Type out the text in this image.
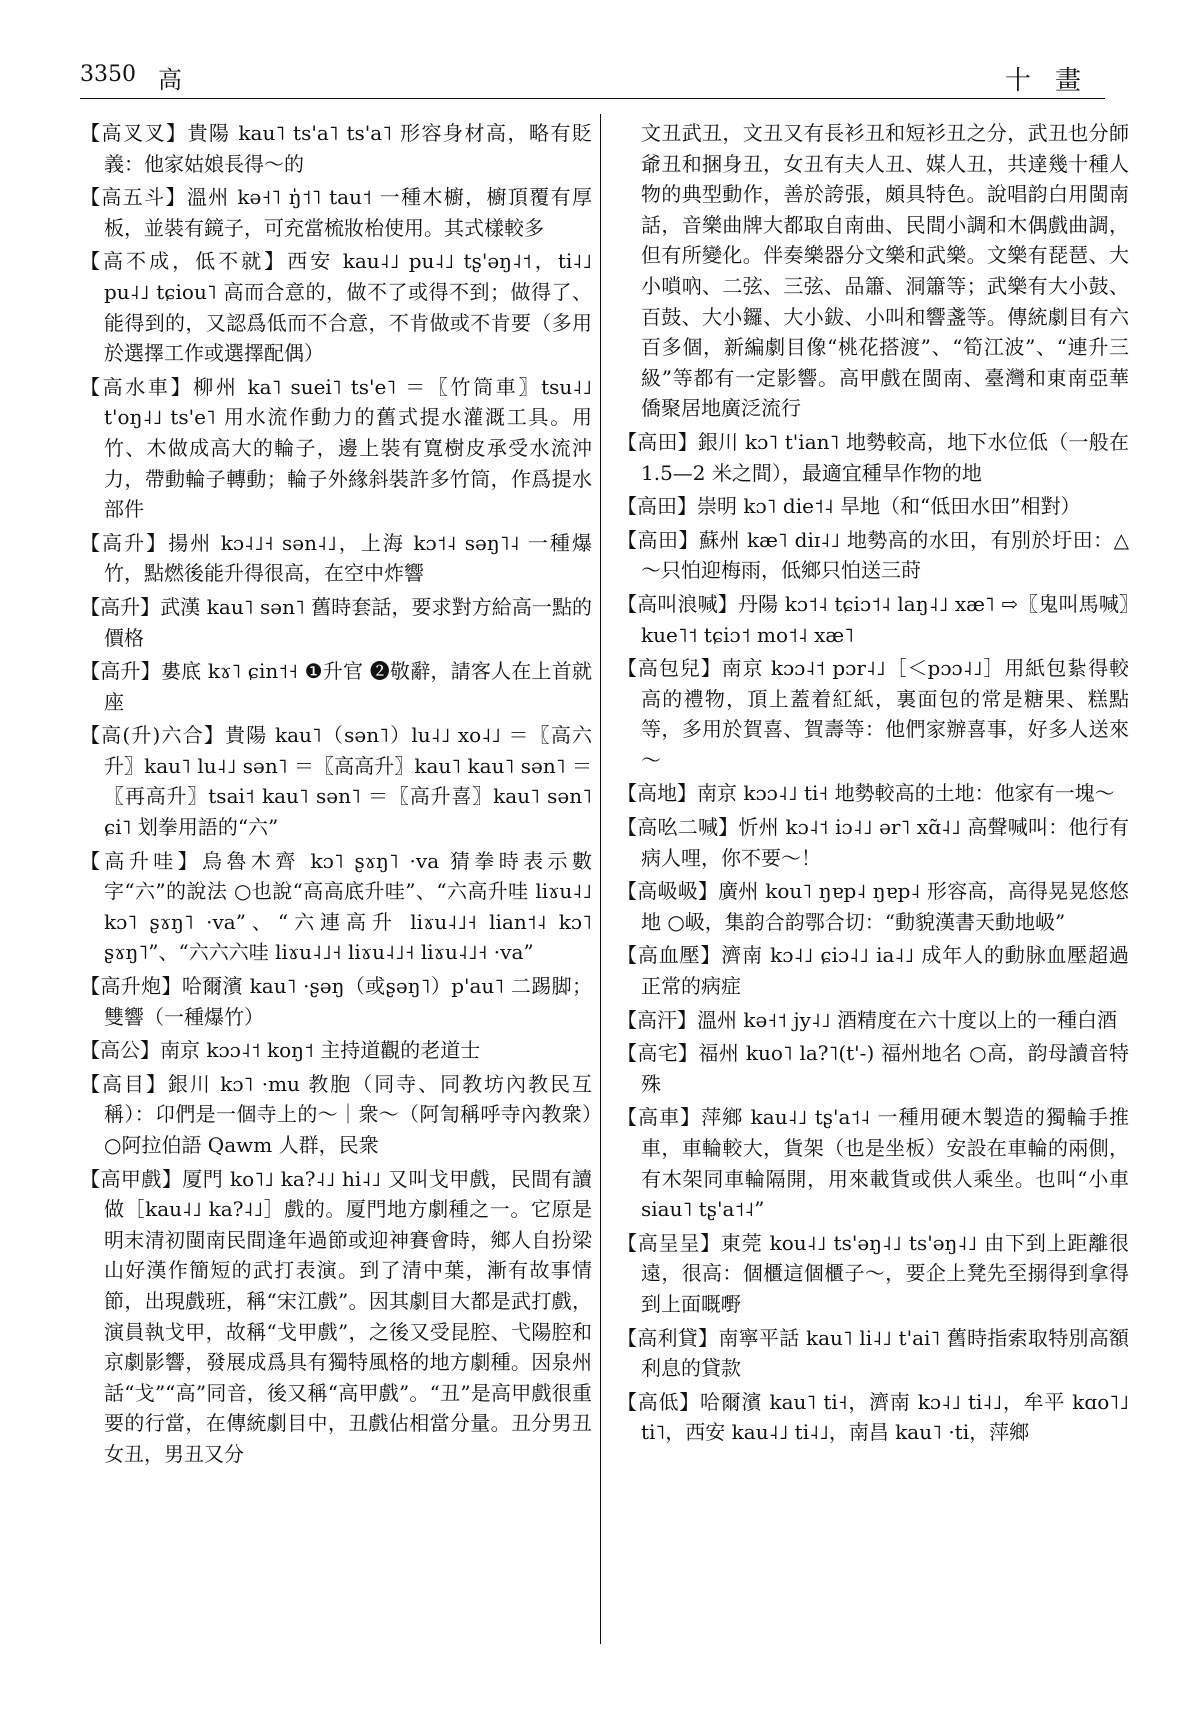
3350 高	十畫

【高叉叉】貴陽 kau˥ ts'a˥ ts'a˥ 形容身材高，略有貶義：他家姑娘長得～的

【高五斗】溫州 kə˧˥ ŋ̍˦˥ tau˦ 一種木櫥，櫥頂覆有厚板，並裝有鏡子，可充當梳妝枱使用。其式樣較多

【高不成，低不就】西安 kau˨˩ pu˨˩ tʂ'əŋ˨˦，ti˨˩ pu˨˩ tɕiou˥ 高而合意的，做不了或得不到；做得了、能得到的，又認爲低而不合意，不肯做或不肯要（多用於選擇工作或選擇配偶）

【高水車】柳州 ka˥ suei˥ ts'e˥ ＝〖竹筒車〗tsu˨˩ t'oŋ˨˩ ts'e˥ 用水流作動力的舊式提水灌溉工具。用竹、木做成高大的輪子，邊上裝有寬樹皮承受水流沖力，帶動輪子轉動；輪子外緣斜裝許多竹筒，作爲提水部件

【高升】揚州 kɔ˨˩˧ sən˨˩，上海 kɔ˦˨ səŋ˥˨ 一種爆竹，點燃後能升得很高，在空中炸響

【高升】武漢 kau˥ sən˥ 舊時套話，要求對方給高一點的價格

【高升】婁底 kɤ˥ ɕin˦˧ ❶升官 ❷敬辭，請客人在上首就座

【高(升)六合】貴陽 kau˥（sən˥）lu˨˩ xo˨˩ ＝〖高六升〗kau˥ lu˨˩ sən˥ ＝〖高高升〗kau˥ kau˥ sən˥ ＝〖再高升〗tsai˦ kau˥ sən˥ ＝〖高升喜〗kau˥ sən˥ ɕi˥ 划拳用語的“六”

【高升哇】烏魯木齊 kɔ˥ ʂɤŋ˥ ·va 猜拳時表示數字“六”的說法 ○也說“高高底升哇”、“六高升哇 liɤu˨˩ kɔ˥ ʂɤŋ˥ ·va”、“六連高升 liɤu˨˩˧ lian˦˨ kɔ˥ ʂɤŋ˥”、“六六六哇 liɤu˨˩˧ liɤu˨˩˧ liɤu˨˩˧ ·va”

【高升炮】哈爾濱 kau˥ ·ʂəŋ（或ʂəŋ˥）p'au˥ 二踢脚；雙響（一種爆竹）

【高公】南京 kɔɔ˨˦ koŋ˦ 主持道觀的老道士

【高目】銀川 kɔ˥ ·mu 教胞（同寺、同教坊內教民互稱）：卬們是一個寺上的～｜衆～（阿訇稱呼寺內教衆）○阿拉伯語 Qawm 人群，民衆

【高甲戲】厦門 ko˥˩ ka?˨˩ hi˨˩ 又叫戈甲戲，民間有讀做［kau˨˩ ka?˨˩］戲的。厦門地方劇種之一。它原是明末清初閩南民間逢年過節或迎神賽會時，鄉人自扮梁山好漢作簡短的武打表演。到了清中葉，漸有故事情節，出現戲班，稱“宋江戲”。因其劇目大都是武打戲，演員執戈甲，故稱“戈甲戲”，之後又受昆腔、弋陽腔和京劇影響，發展成爲具有獨特風格的地方劇種。因泉州話“戈”“高”同音，後又稱“高甲戲”。“丑”是高甲戲很重要的行當，在傳統劇目中，丑戲佔相當分量。丑分男丑女丑，男丑又分

文丑武丑，文丑又有長衫丑和短衫丑之分，武丑也分師爺丑和捆身丑，女丑有夫人丑、媒人丑，共達幾十種人物的典型動作，善於誇張，頗具特色。說唱韵白用閩南話，音樂曲牌大都取自南曲、民間小調和木偶戲曲調，但有所變化。伴奏樂器分文樂和武樂。文樂有琵琶、大小嗩吶、二弦、三弦、品簫、洞簫等；武樂有大小鼓、百鼓、大小鑼、大小鈸、小叫和響盞等。傳統劇目有六百多個，新編劇目像“桃花搭渡”、“筍江波”、“連升三級”等都有一定影響。高甲戲在閩南、臺灣和東南亞華僑聚居地廣泛流行

【高田】銀川 kɔ˥ t'ian˥ 地勢較高，地下水位低（一般在 1.5—2 米之間），最適宜種旱作物的地

【高田】崇明 kɔ˥ die˦˨ 旱地（和“低田水田”相對）

【高田】蘇州 kæ˥ diɪ˨˩ 地勢高的水田，有別於圩田：△～只怕迎梅雨，低鄉只怕送三莳

【高叫浪喊】丹陽 kɔ˦˨ tɕiɔ˦˨ laŋ˨˩ xæ˥ ⇨〖鬼叫馬喊〗kue˥˦ tɕiɔ˦ mo˦˨ xæ˥

【高包兒】南京 kɔɔ˨˦ pɔr˨˩［＜pɔɔ˨˩］用紙包紥得較高的禮物，頂上蓋着紅紙，裏面包的常是糖果、糕點等，多用於賀喜、賀壽等：他們家辦喜事，好多人送來～

【高地】南京 kɔɔ˨˩ ti˧ 地勢較高的土地：他家有一塊～

【高吆二喊】忻州 kɔ˨˦ iɔ˨˩ ər˥ xɑ̃˨˩ 高聲喊叫：他行有病人哩，你不要～！

【高岋岋】廣州 kou˥ ŋɐp˨ ŋɐp˨ 形容高，高得晃晃悠悠地 ○岋，集韵合韵鄂合切：“動貌漢書天動地岋”

【高血壓】濟南 kɔ˨˩ ɕiɔ˨˩ ia˨˩ 成年人的動脉血壓超過正常的病症

【高汗】溫州 kə˧˦ jy˨˩ 酒精度在六十度以上的一種白酒

【高宅】福州 kuo˥ la?˥(t'-) 福州地名 ○高，韵母讀音特殊

【高車】萍鄉 kau˨˩ tʂ'a˦˨ 一種用硬木製造的獨輪手推車，車輪較大，貨架（也是坐板）安設在車輪的兩側，有木架同車輪隔開，用來載貨或供人乘坐。也叫“小車siau˥ tʂ'a˦˨”

【高呈呈】東莞 kou˨˩ ts'əŋ˨˩ ts'əŋ˨˩ 由下到上距離很遠，很高：個櫃這個櫃子～，要企上凳先至搦得到拿得到上面嘅嘢

【高利貸】南寧平話 kau˥ li˨˩ t'ai˥ 舊時指索取特別高額利息的貸款

【高低】哈爾濱 kau˥ ti˧，濟南 kɔ˨˩ ti˨˩，牟平 kɑo˥˩ ti˥，西安 kau˨˩ ti˨˩，南昌 kau˥ ·ti，萍鄉
